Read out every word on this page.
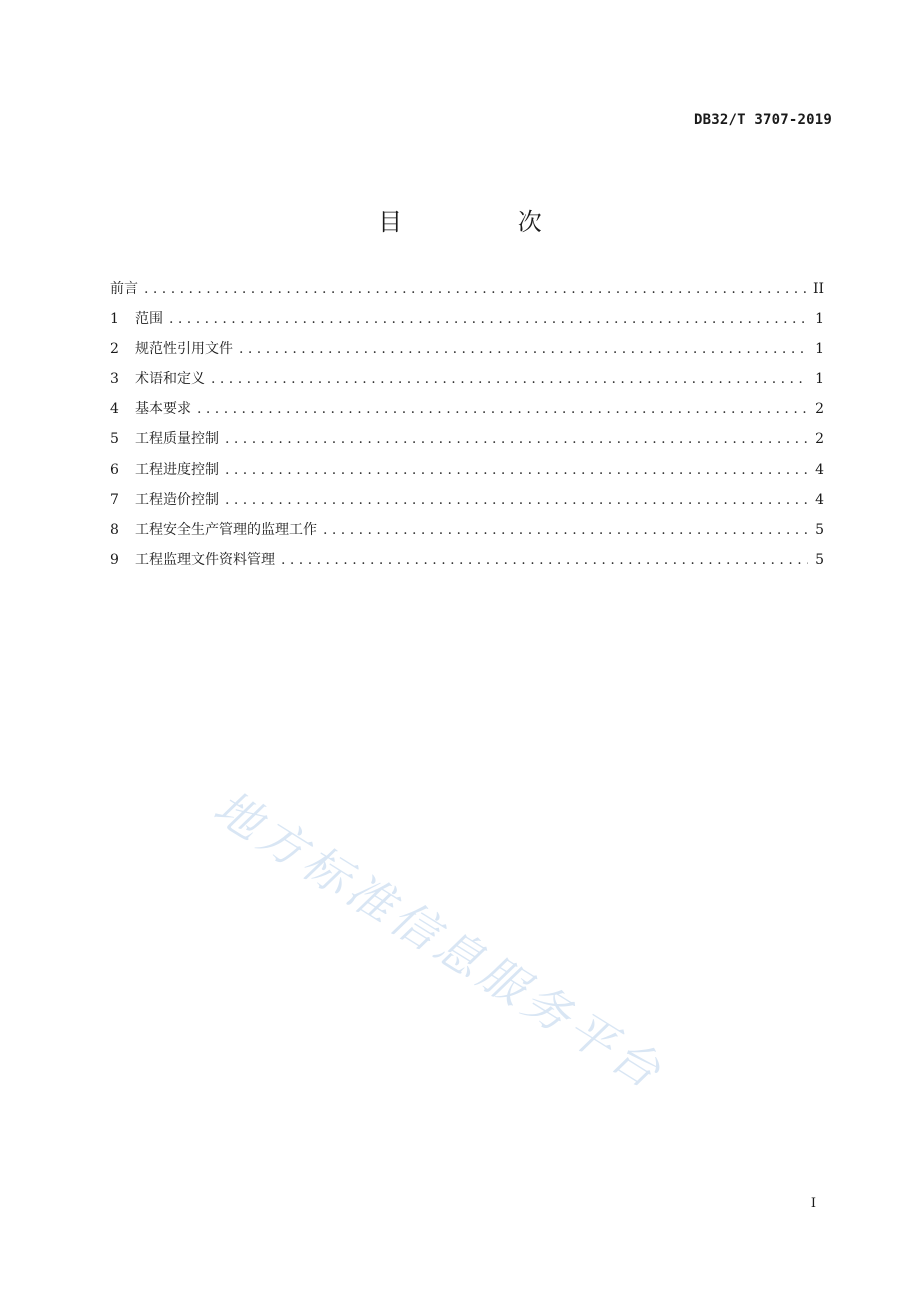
DB32/T 3707-2019
目 次
前言 . . .	II
1	范围 . . .	1
2	规范性引用文件 . . .	1
3	术语和定义 . . .	1
4	基本要求 . . .	2
5	工程质量控制 . . .	2
6	工程进度控制 . . .	4
7	工程造价控制 . . .	4
8	工程安全生产管理的监理工作 . . .	5
9	工程监理文件资料管理 . . .	5
地方标准信息服务平台
I
